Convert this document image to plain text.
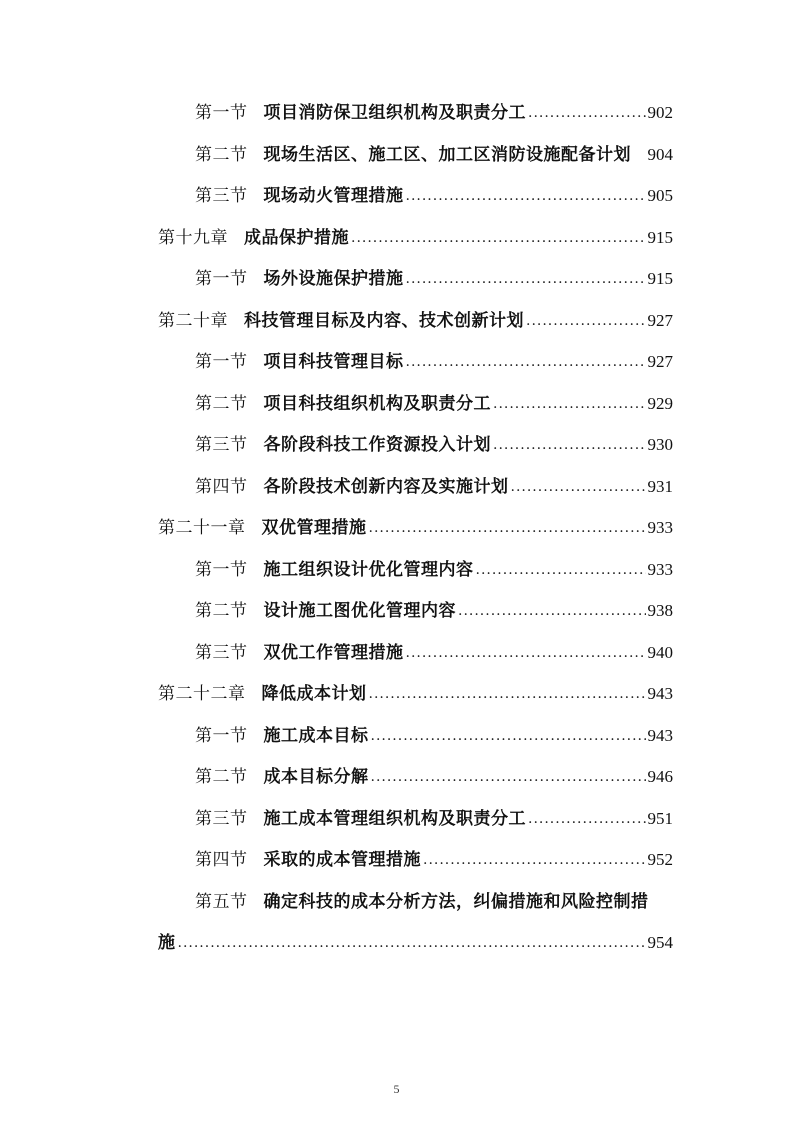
第一节 项目消防保卫组织机构及职责分工 .....	902
第二节 现场生活区、施工区、加工区消防设施配备计划 904
第三节 现场动火管理措施 .....	905
第十九章 成品保护措施 .....	915
第一节 场外设施保护措施 .....	915
第二十章 科技管理目标及内容、技术创新计划 .....	927
第一节 项目科技管理目标 .....	927
第二节 项目科技组织机构及职责分工 .....	929
第三节 各阶段科技工作资源投入计划 .....	930
第四节 各阶段技术创新内容及实施计划 .....	931
第二十一章 双优管理措施 .....	933
第一节 施工组织设计优化管理内容 .....	933
第二节 设计施工图优化管理内容 .....	938
第三节 双优工作管理措施 .....	940
第二十二章 降低成本计划 .....	943
第一节 施工成本目标 .....	943
第二节 成本目标分解 .....	946
第三节 施工成本管理组织机构及职责分工 .....	951
第四节 采取的成本管理措施 .....	952
第五节 确定科技的成本分析方法，纠偏措施和风险控制措
施 .....	954
5
